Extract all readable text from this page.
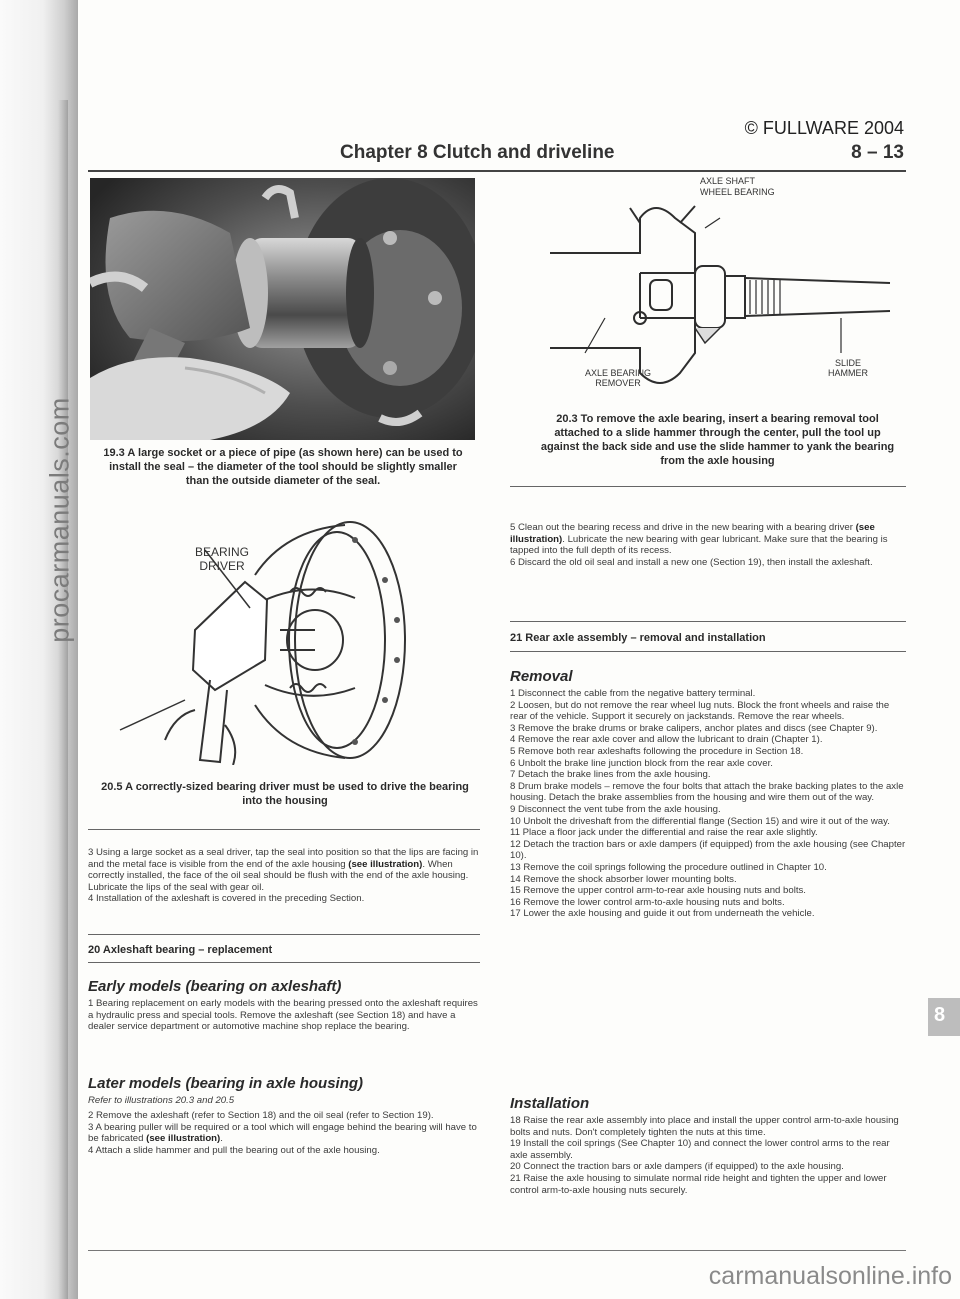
procarmanuals.com
carmanualsonline.info
© FULLWARE 2004
Chapter 8 Clutch and driveline	8 – 13
19.3 A large socket or a piece of pipe (as shown here) can be used to install the seal – the diameter of the tool should be slightly smaller than the outside diameter of the seal.
BEARING
DRIVER
20.5 A correctly-sized bearing driver must be used to drive the bearing into the housing

3 Using a large socket as a seal driver, tap the seal into position so that the lips are facing in and the metal face is visible from the end of the axle housing (see illustration). When correctly installed, the face of the oil seal should be flush with the end of the axle housing. Lubricate the lips of the seal with gear oil.

4 Installation of the axleshaft is covered in the preceding Section.

20 Axleshaft bearing – replacement
Early models (bearing on axleshaft)
1 Bearing replacement on early models with the bearing pressed onto the axleshaft requires a hydraulic press and special tools. Remove the axleshaft (see Section 18) and have a dealer service department or automotive machine shop replace the bearing.
Later models (bearing in axle housing)
Refer to illustrations 20.3 and 20.5

2 Remove the axleshaft (refer to Section 18) and the oil seal (refer to Section 19).

3 A bearing puller will be required or a tool which will engage behind the bearing will have to be fabricated (see illustration).

4 Attach a slide hammer and pull the bearing out of the axle housing.

AXLE SHAFT
WHEEL BEARING
AXLE BEARING
REMOVER
SLIDE
HAMMER
20.3 To remove the axle bearing, insert a bearing removal tool attached to a slide hammer through the center, pull the tool up against the back side and use the slide hammer to yank the bearing from the axle housing

5 Clean out the bearing recess and drive in the new bearing with a bearing driver (see illustration). Lubricate the new bearing with gear lubricant. Make sure that the bearing is tapped into the full depth of its recess.

6 Discard the old oil seal and install a new one (Section 19), then install the axleshaft.

21 Rear axle assembly – removal and installation
Removal

1 Disconnect the cable from the negative battery terminal.

2 Loosen, but do not remove the rear wheel lug nuts. Block the front wheels and raise the rear of the vehicle. Support it securely on jackstands. Remove the rear wheels.

3 Remove the brake drums or brake calipers, anchor plates and discs (see Chapter 9).

4 Remove the rear axle cover and allow the lubricant to drain (Chapter 1).

5 Remove both rear axleshafts following the procedure in Section 18.

6 Unbolt the brake line junction block from the rear axle cover.

7 Detach the brake lines from the axle housing.

8 Drum brake models – remove the four bolts that attach the brake backing plates to the axle housing. Detach the brake assemblies from the housing and wire them out of the way.

9 Disconnect the vent tube from the axle housing.

10 Unbolt the driveshaft from the differential flange (Section 15) and wire it out of the way.

11 Place a floor jack under the differential and raise the rear axle slightly.

12 Detach the traction bars or axle dampers (if equipped) from the axle housing (see Chapter 10).

13 Remove the coil springs following the procedure outlined in Chapter 10.

14 Remove the shock absorber lower mounting bolts.

15 Remove the upper control arm-to-rear axle housing nuts and bolts.

16 Remove the lower control arm-to-axle housing nuts and bolts.

17 Lower the axle housing and guide it out from underneath the vehicle.

Installation

18 Raise the rear axle assembly into place and install the upper control arm-to-axle housing bolts and nuts. Don't completely tighten the nuts at this time.

19 Install the coil springs (See Chapter 10) and connect the lower control arms to the rear axle assembly.

20 Connect the traction bars or axle dampers (if equipped) to the axle housing.

21 Raise the axle housing to simulate normal ride height and tighten the upper and lower control arm-to-axle housing nuts securely.

8
